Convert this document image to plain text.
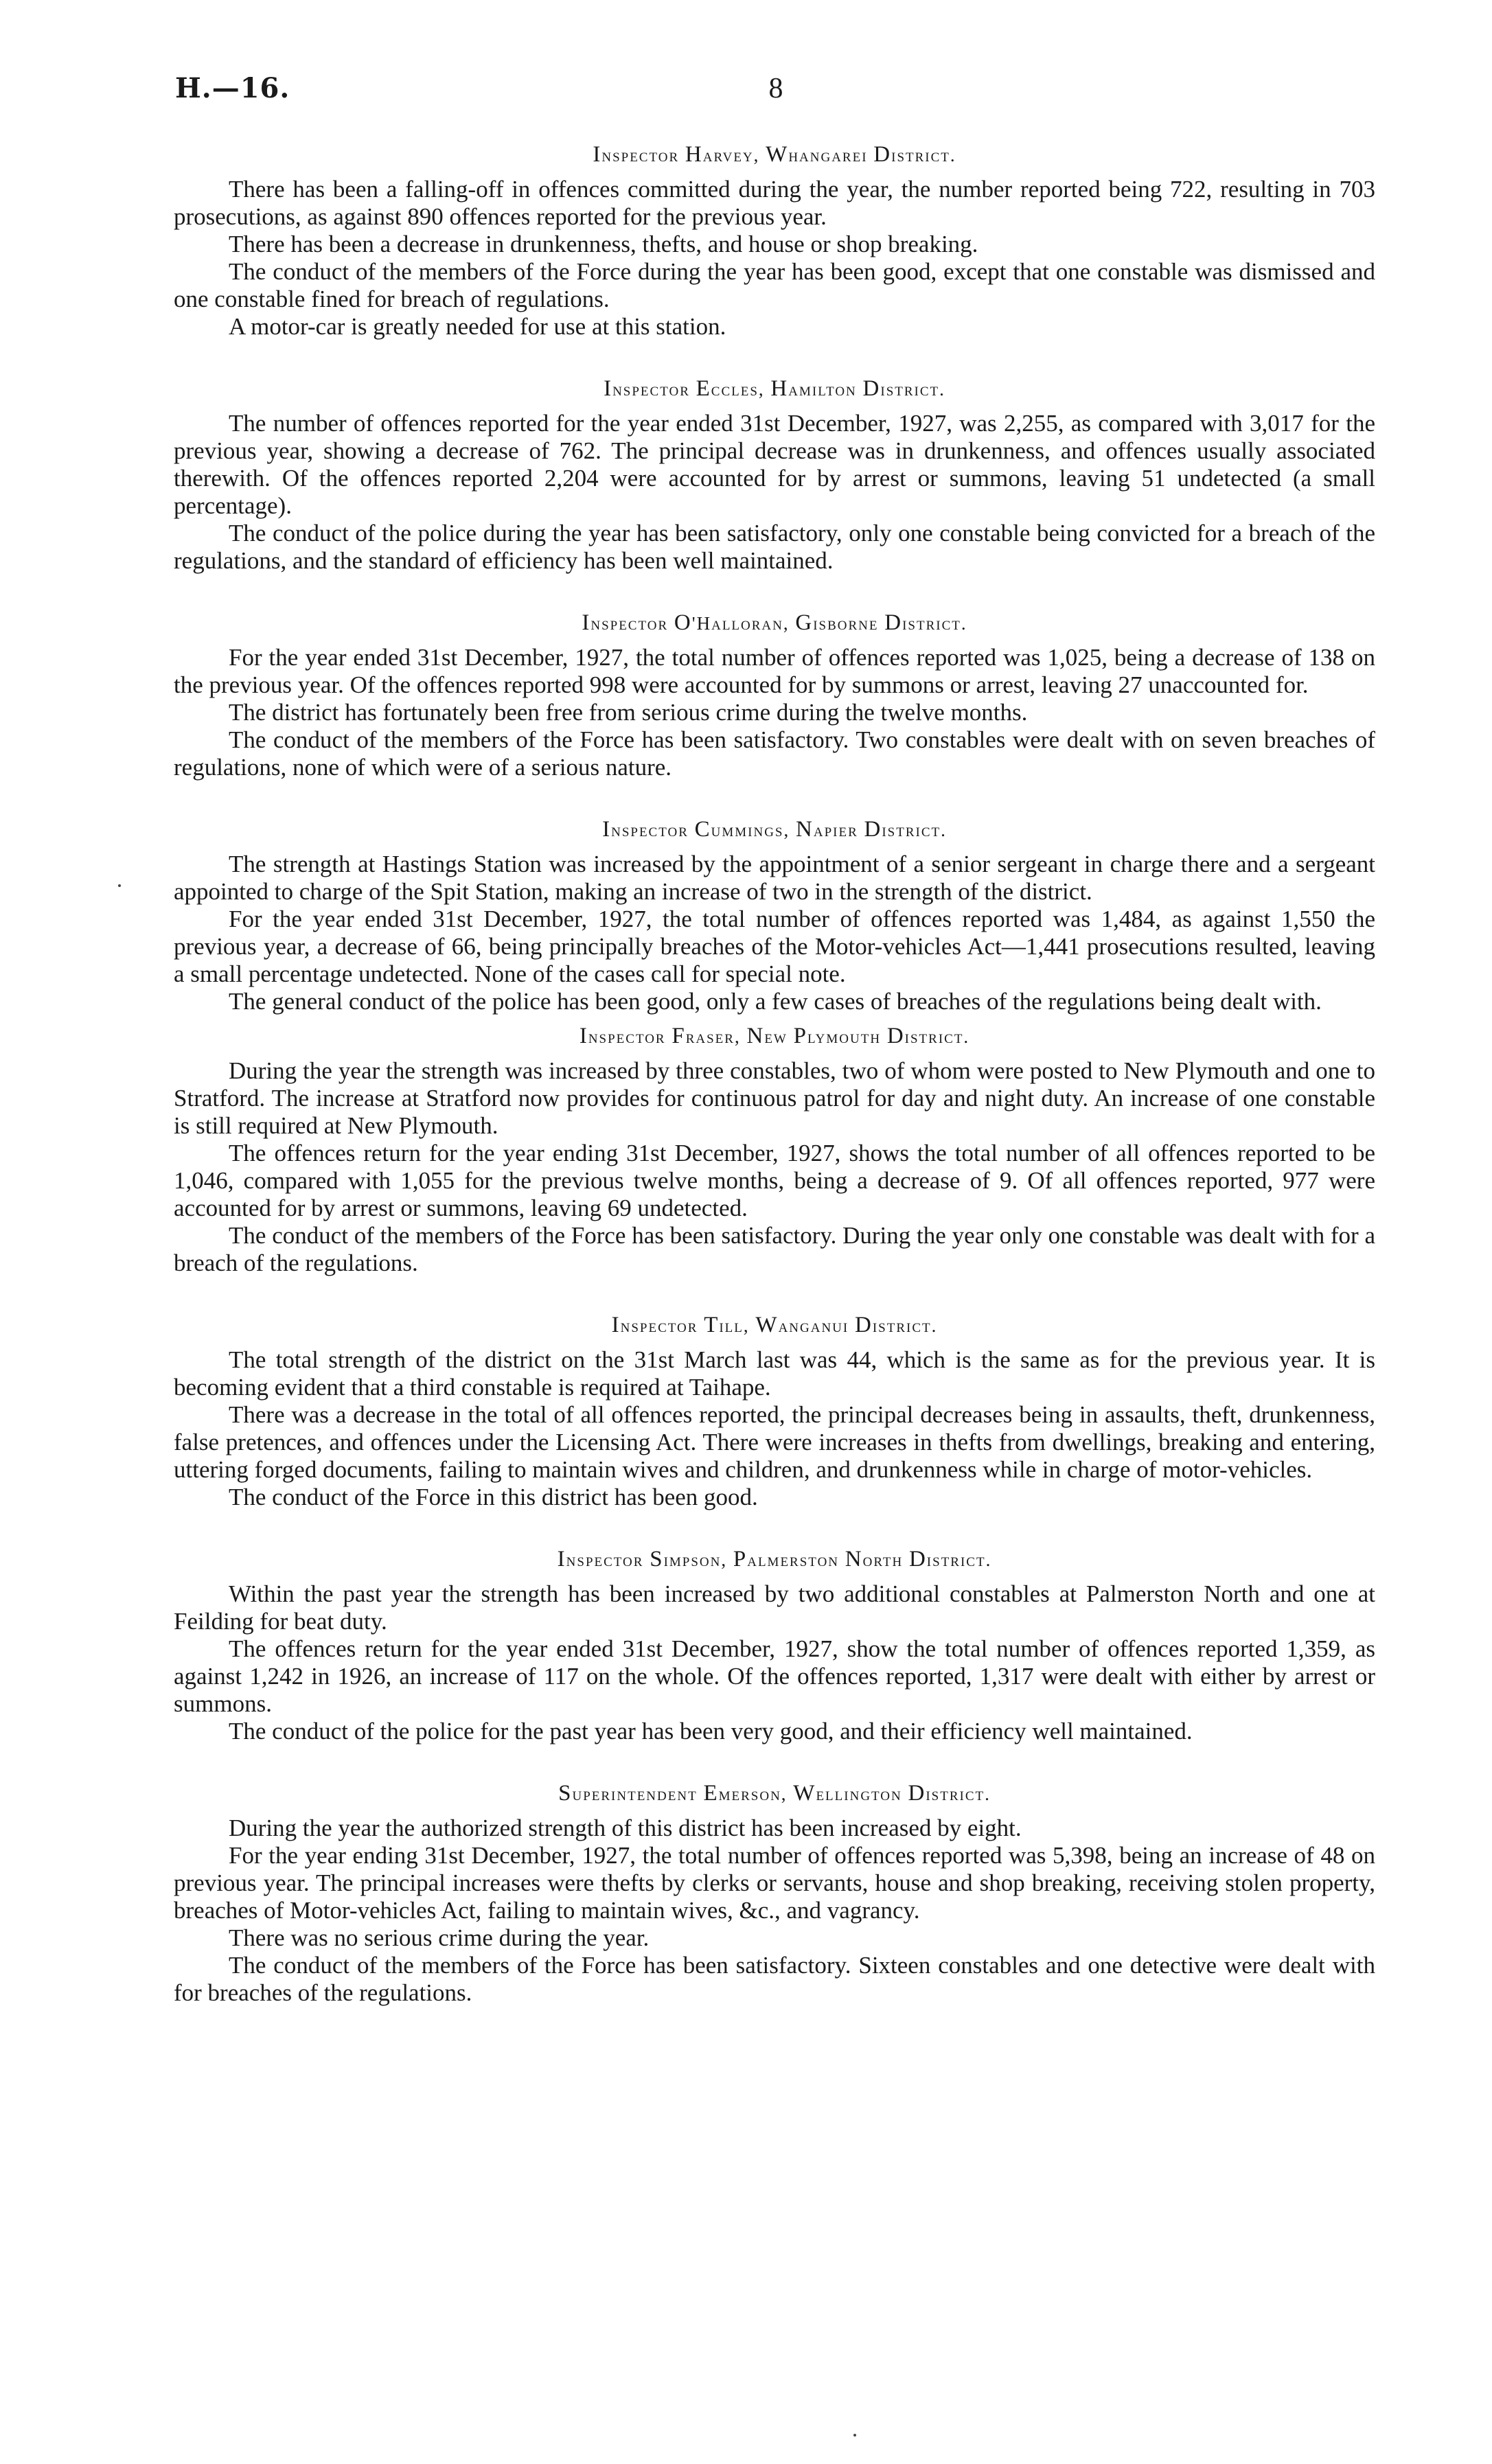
H.—16.	8
Inspector Harvey, Whangarei District.

There has been a falling-off in offences committed during the year, the number reported being 722, resulting in 703 prosecutions, as against 890 offences reported for the previous year.

There has been a decrease in drunkenness, thefts, and house or shop breaking.

The conduct of the members of the Force during the year has been good, except that one constable was dismissed and one constable fined for breach of regulations.

A motor-car is greatly needed for use at this station.

Inspector Eccles, Hamilton District.

The number of offences reported for the year ended 31st December, 1927, was 2,255, as compared with 3,017 for the previous year, showing a decrease of 762. The principal decrease was in drunkenness, and offences usually associated therewith. Of the offences reported 2,204 were accounted for by arrest or summons, leaving 51 undetected (a small percentage).

The conduct of the police during the year has been satisfactory, only one constable being convicted for a breach of the regulations, and the standard of efficiency has been well maintained.

Inspector O'Halloran, Gisborne District.

For the year ended 31st December, 1927, the total number of offences reported was 1,025, being a decrease of 138 on the previous year. Of the offences reported 998 were accounted for by summons or arrest, leaving 27 unaccounted for.

The district has fortunately been free from serious crime during the twelve months.

The conduct of the members of the Force has been satisfactory. Two constables were dealt with on seven breaches of regulations, none of which were of a serious nature.

Inspector Cummings, Napier District.

The strength at Hastings Station was increased by the appointment of a senior sergeant in charge there and a sergeant appointed to charge of the Spit Station, making an increase of two in the strength of the district.

For the year ended 31st December, 1927, the total number of offences reported was 1,484, as against 1,550 the previous year, a decrease of 66, being principally breaches of the Motor-vehicles Act—1,441 prosecutions resulted, leaving a small percentage undetected. None of the cases call for special note.

The general conduct of the police has been good, only a few cases of breaches of the regulations being dealt with.

Inspector Fraser, New Plymouth District.

During the year the strength was increased by three constables, two of whom were posted to New Plymouth and one to Stratford. The increase at Stratford now provides for continuous patrol for day and night duty. An increase of one constable is still required at New Plymouth.

The offences return for the year ending 31st December, 1927, shows the total number of all offences reported to be 1,046, compared with 1,055 for the previous twelve months, being a decrease of 9. Of all offences reported, 977 were accounted for by arrest or summons, leaving 69 undetected.

The conduct of the members of the Force has been satisfactory. During the year only one constable was dealt with for a breach of the regulations.

Inspector Till, Wanganui District.

The total strength of the district on the 31st March last was 44, which is the same as for the previous year. It is becoming evident that a third constable is required at Taihape.

There was a decrease in the total of all offences reported, the principal decreases being in assaults, theft, drunkenness, false pretences, and offences under the Licensing Act. There were increases in thefts from dwellings, breaking and entering, uttering forged documents, failing to maintain wives and children, and drunkenness while in charge of motor-vehicles.

The conduct of the Force in this district has been good.

Inspector Simpson, Palmerston North District.

Within the past year the strength has been increased by two additional constables at Palmerston North and one at Feilding for beat duty.

The offences return for the year ended 31st December, 1927, show the total number of offences reported 1,359, as against 1,242 in 1926, an increase of 117 on the whole. Of the offences reported, 1,317 were dealt with either by arrest or summons.

The conduct of the police for the past year has been very good, and their efficiency well maintained.

Superintendent Emerson, Wellington District.

During the year the authorized strength of this district has been increased by eight.

For the year ending 31st December, 1927, the total number of offences reported was 5,398, being an increase of 48 on previous year. The principal increases were thefts by clerks or servants, house and shop breaking, receiving stolen property, breaches of Motor-vehicles Act, failing to maintain wives, &c., and vagrancy.

There was no serious crime during the year.

The conduct of the members of the Force has been satisfactory. Sixteen constables and one detective were dealt with for breaches of the regulations.
